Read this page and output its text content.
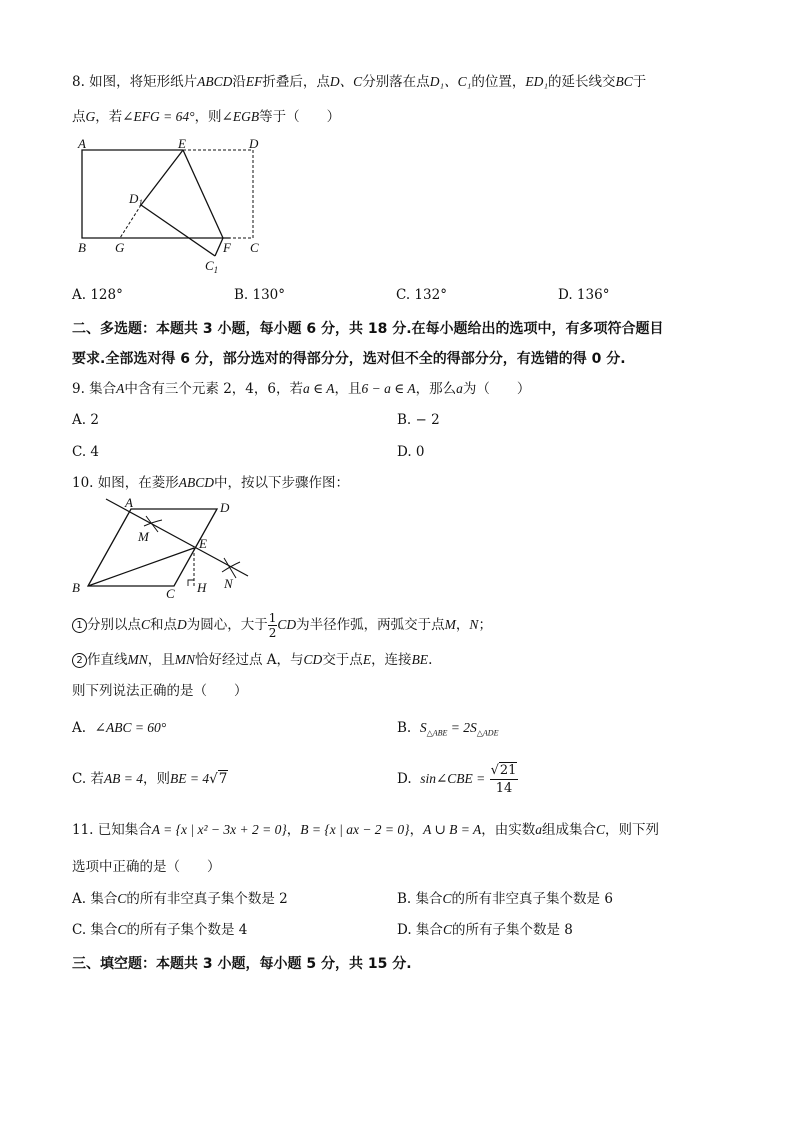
8. 如图，将矩形纸片ABCD沿EF折叠后，点D、C分别落在点D₁、C₁的位置，ED₁的延长线交BC于
点G，若∠EFG = 64°，则∠EGB等于（　　）
A	E	D
$D_1$
B G	F C
$C_1$
A. 128°	B. 130°	C. 132°	D. 136°
二、多选题：本题共 3 小题，每小题 6 分，共 18 分.在每小题给出的选项中，有多项符合题目
要求.全部选对得 6 分，部分选对的得部分分，选对但不全的得部分分，有选错的得 0 分.
9. 集合A中含有三个元素 2，4，6，若a ∈ A，且6 − a ∈ A，那么a为（　　）
A. 2	B. − 2
C. 4	D. 0
10. 如图，在菱形ABCD中，按以下步骤作图：
A	D
M	E
B	C H N
1 分别以点C和点D为圆心，大于 $\frac{1}{2}$ CD为半径作弧，两弧交于点M，N；
2 作直线MN，且MN恰好经过点 A，与CD交于点E，连接BE.
则下列说法正确的是（　　）
A. ∠ABC = 60°	B. $S_{\triangle ABE} = 2S_{\triangle ADE}$
C. 若AB = 4，则BE = 4√7	D. sin∠CBE = $\frac{√21}{14}$
11. 已知集合A = {x | x² − 3x + 2 = 0}，B = {x | ax − 2 = 0}，A ∪ B = A，由实数a组成集合C，则下列
选项中正确的是（　　）
A. 集合C的所有非空真子集个数是 2	B. 集合C的所有非空真子集个数是 6
C. 集合C的所有子集个数是 4	D. 集合C的所有子集个数是 8
三、填空题：本题共 3 小题，每小题 5 分，共 15 分.
